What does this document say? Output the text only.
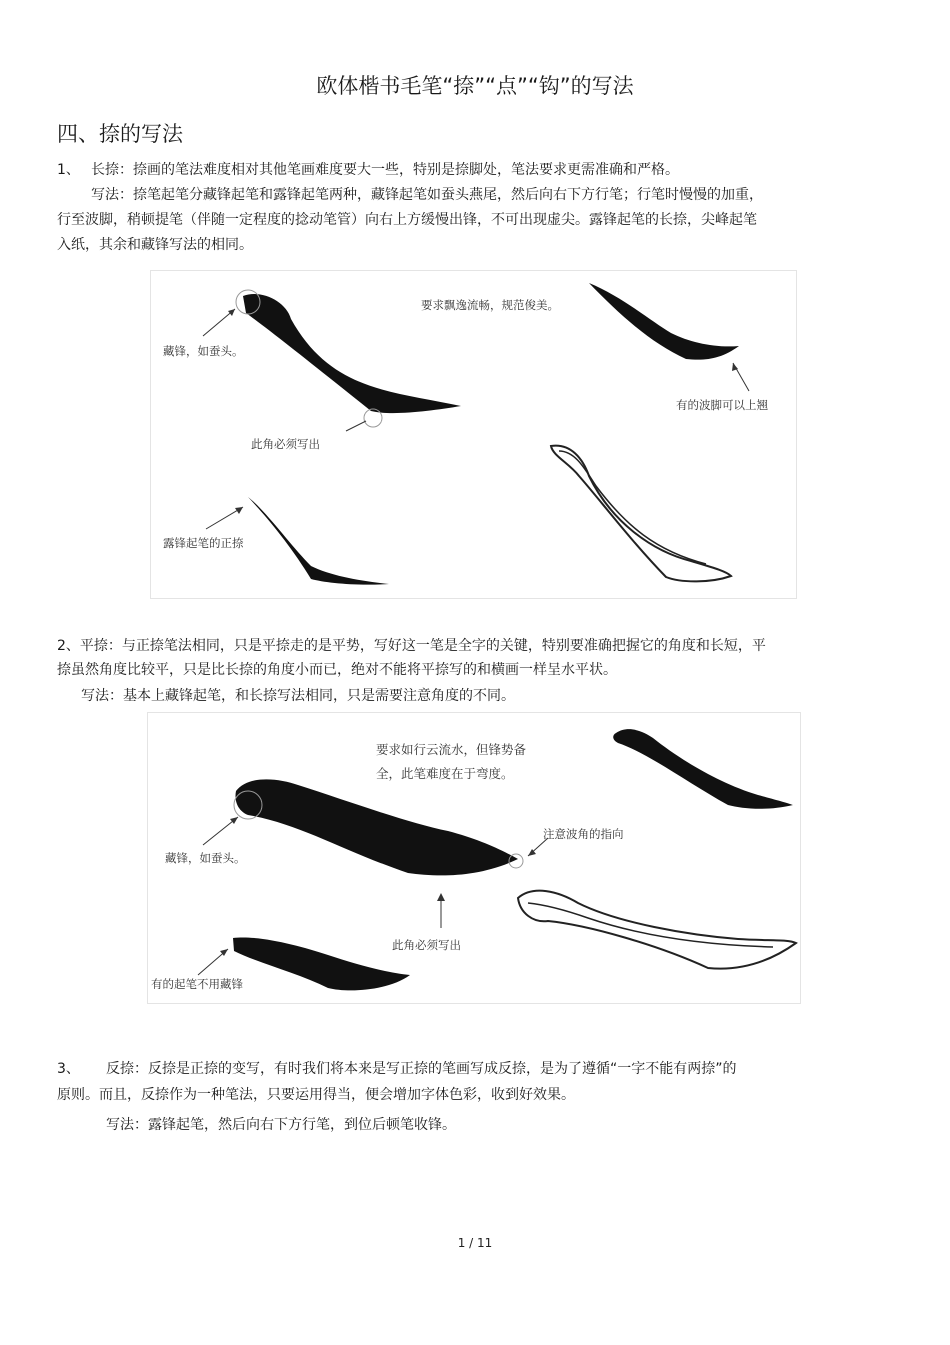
欧体楷书毛笔“捺”“点”“钩”的写法
四、捺的写法
1、 长捺：捺画的笔法难度相对其他笔画难度要大一些，特别是捺脚处，笔法要求更需准确和严格。
写法：捺笔起笔分藏锋起笔和露锋起笔两种，藏锋起笔如蚕头燕尾，然后向右下方行笔；行笔时慢慢的加重，
行至波脚，稍顿提笔（伴随一定程度的捻动笔管）向右上方缓慢出锋，不可出现虚尖。露锋起笔的长捺，尖峰起笔
入纸，其余和藏锋写法的相同。
要求飘逸流畅，规范俊美。
藏锋，如蚕头。
有的波脚可以上翘
此角必须写出
露锋起笔的正捺
2、平捺：与正捺笔法相同，只是平捺走的是平势，写好这一笔是全字的关键，特别要准确把握它的角度和长短，平
捺虽然角度比较平，只是比长捺的角度小而已，绝对不能将平捺写的和横画一样呈水平状。
写法：基本上藏锋起笔，和长捺写法相同，只是需要注意角度的不同。
要求如行云流水，但锋势备
全，此笔难度在于弯度。
注意波角的指向
藏锋，如蚕头。
此角必须写出
有的起笔不用藏锋
3、 反捺：反捺是正捺的变写，有时我们将本来是写正捺的笔画写成反捺，是为了遵循“一字不能有两捺”的
原则。而且，反捺作为一种笔法，只要运用得当，便会增加字体色彩，收到好效果。
写法：露锋起笔，然后向右下方行笔，到位后顿笔收锋。
1 / 11
